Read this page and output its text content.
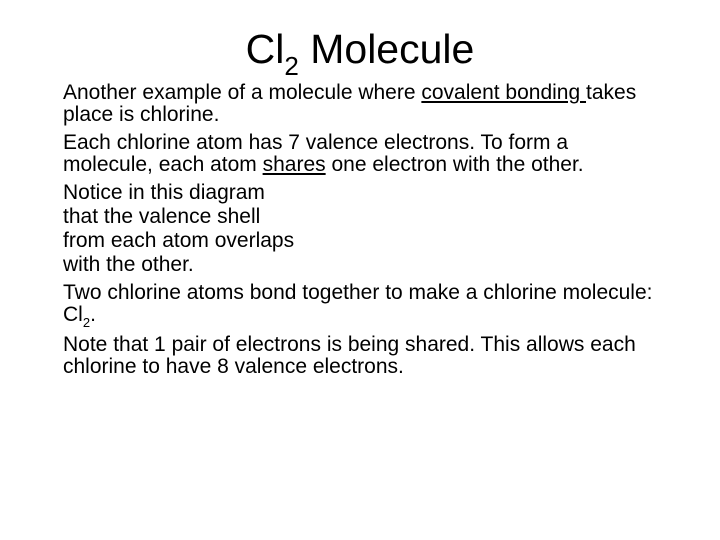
$Cl_2$ Molecule
Another example of a molecule where covalent bonding takes place is chlorine.
Each chlorine atom has 7 valence electrons. To form a molecule, each atom shares one electron with the other.
Notice in this diagram
that the valence shell
from each atom overlaps
with the other.
Two chlorine atoms bond together to make a chlorine molecule: $Cl_2$.
Note that 1 pair of electrons is being shared. This allows each chlorine to have 8 valence electrons.
